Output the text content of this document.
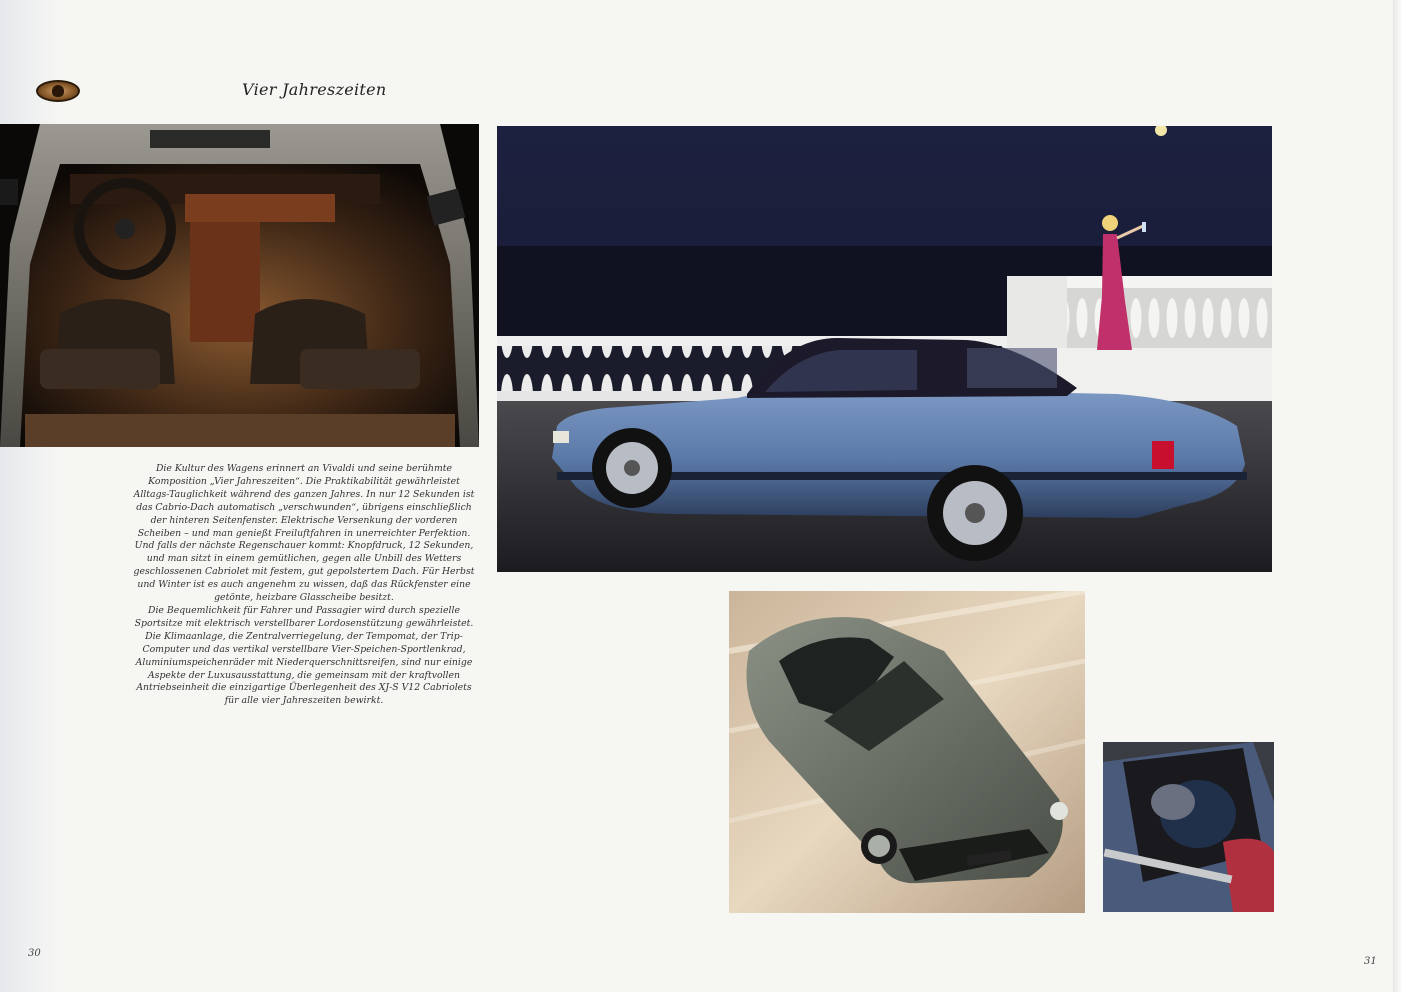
Vier Jahreszeiten

Die Kultur des Wagens erinnert an Vivaldi und seine berühmte Komposition „Vier Jahreszeiten“. Die Praktikabilität gewährleistet Alltags-Tauglichkeit während des ganzen Jahres. In nur 12 Sekunden ist das Cabrio-Dach automatisch „verschwunden“, übrigens einschließlich der hinteren Seitenfenster. Elektrische Versenkung der vorderen Scheiben – und man genießt Freiluftfahren in unerreichter Perfektion. Und falls der nächste Regenschauer kommt: Knopfdruck, 12 Sekunden, und man sitzt in einem gemütlichen, gegen alle Unbill des Wetters geschlossenen Cabriolet mit festem, gut gepolstertem Dach. Für Herbst und Winter ist es auch angenehm zu wissen, daß das Rückfenster eine getönte, heizbare Glasscheibe besitzt.

Die Bequemlichkeit für Fahrer und Passagier wird durch spezielle Sportsitze mit elektrisch verstellbarer Lordosenstützung gewährleistet.

Die Klimaanlage, die Zentralverriegelung, der Tempomat, der Trip-Computer und das vertikal verstellbare Vier-Speichen-Sportlenkrad, Aluminiumspeichenräder mit Niederquerschnittsreifen, sind nur einige Aspekte der Luxusausstattung, die gemeinsam mit der kraftvollen Antriebseinheit die einzigartige Überlegenheit des XJ-S V12 Cabriolets für alle vier Jahreszeiten bewirkt.

30
31
